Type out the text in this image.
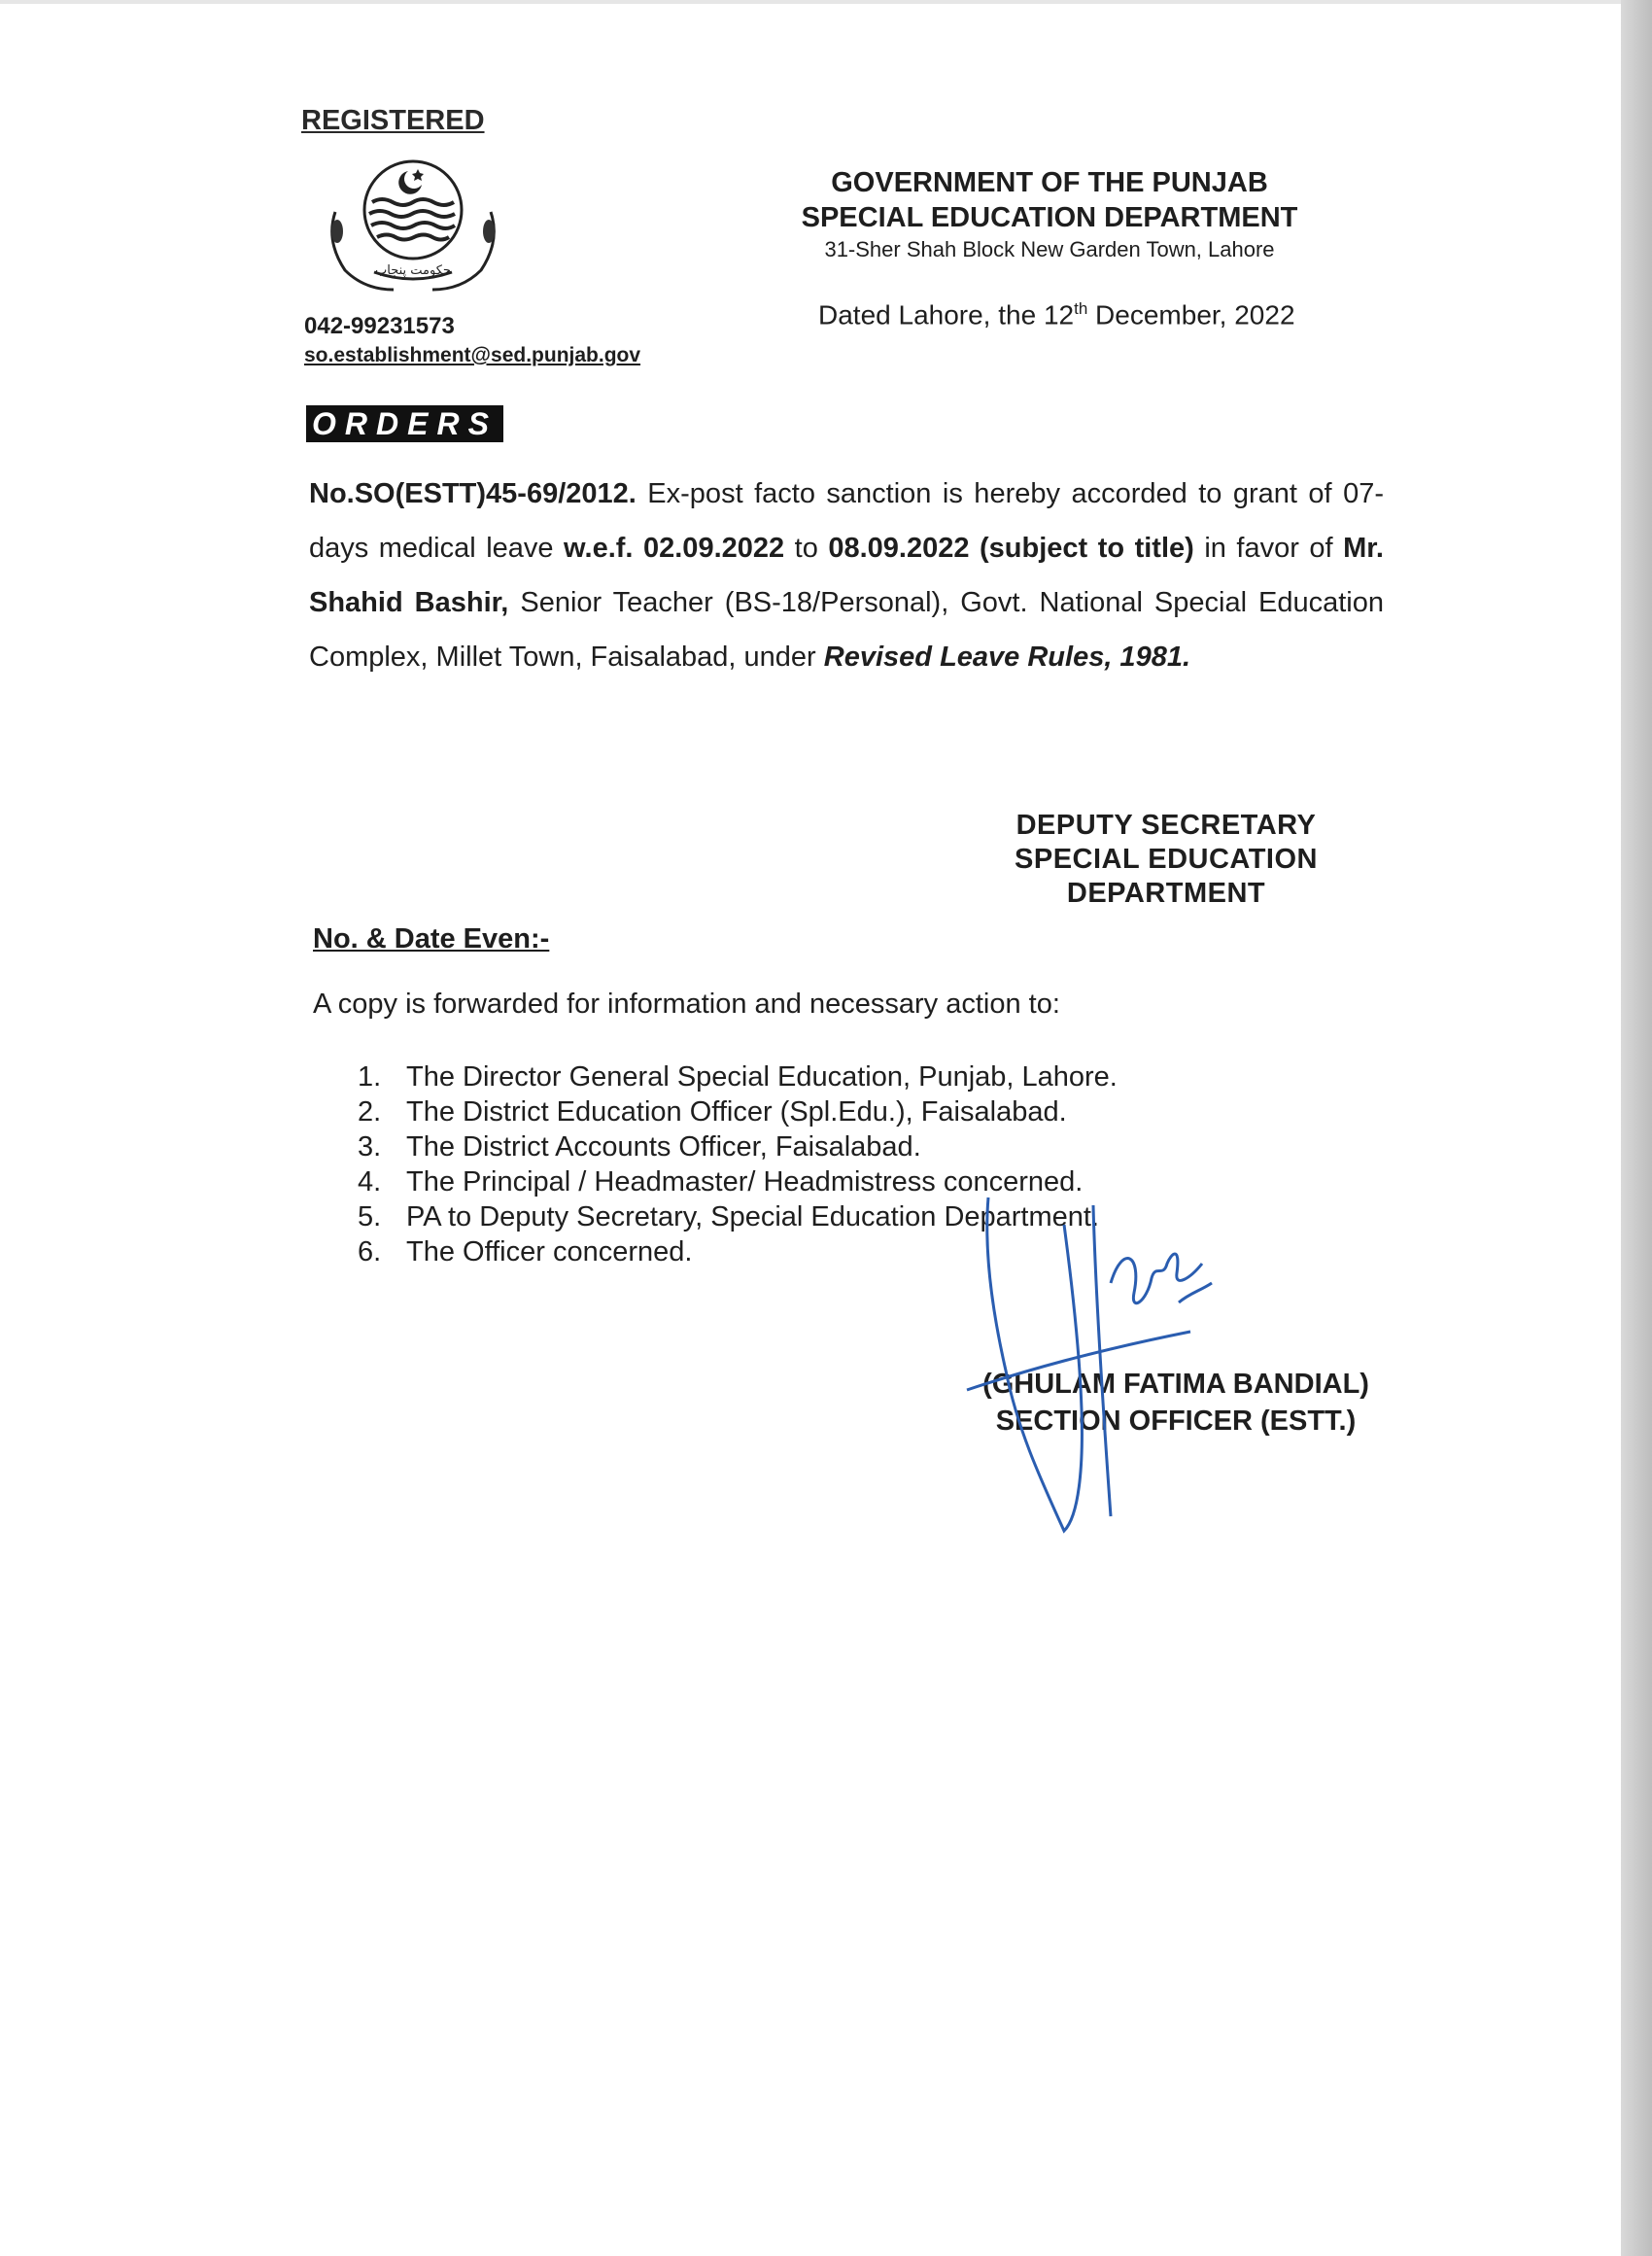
REGISTERED
حکومت پنجاب
042-99231573
so.establishment@sed.punjab.gov
GOVERNMENT OF THE PUNJAB
SPECIAL EDUCATION DEPARTMENT
31-Sher Shah Block New Garden Town, Lahore
Dated Lahore, the 12th December, 2022
ORDERS
No.SO(ESTT)45-69/2012. Ex-post facto sanction is hereby accorded to grant of 07-days medical leave w.e.f. 02.09.2022 to 08.09.2022 (subject to title) in favor of Mr. Shahid Bashir, Senior Teacher (BS-18/Personal), Govt. National Special Education Complex, Millet Town, Faisalabad, under Revised Leave Rules, 1981.
DEPUTY SECRETARY
SPECIAL EDUCATION
DEPARTMENT
No. & Date Even:-
A copy is forwarded for information and necessary action to:
1. The Director General Special Education, Punjab, Lahore.
2. The District Education Officer (Spl.Edu.), Faisalabad.
3. The District Accounts Officer, Faisalabad.
4. The Principal / Headmaster/ Headmistress concerned.
5. PA to Deputy Secretary, Special Education Department.
6. The Officer concerned.
(GHULAM FATIMA BANDIAL)
SECTION OFFICER (ESTT.)
